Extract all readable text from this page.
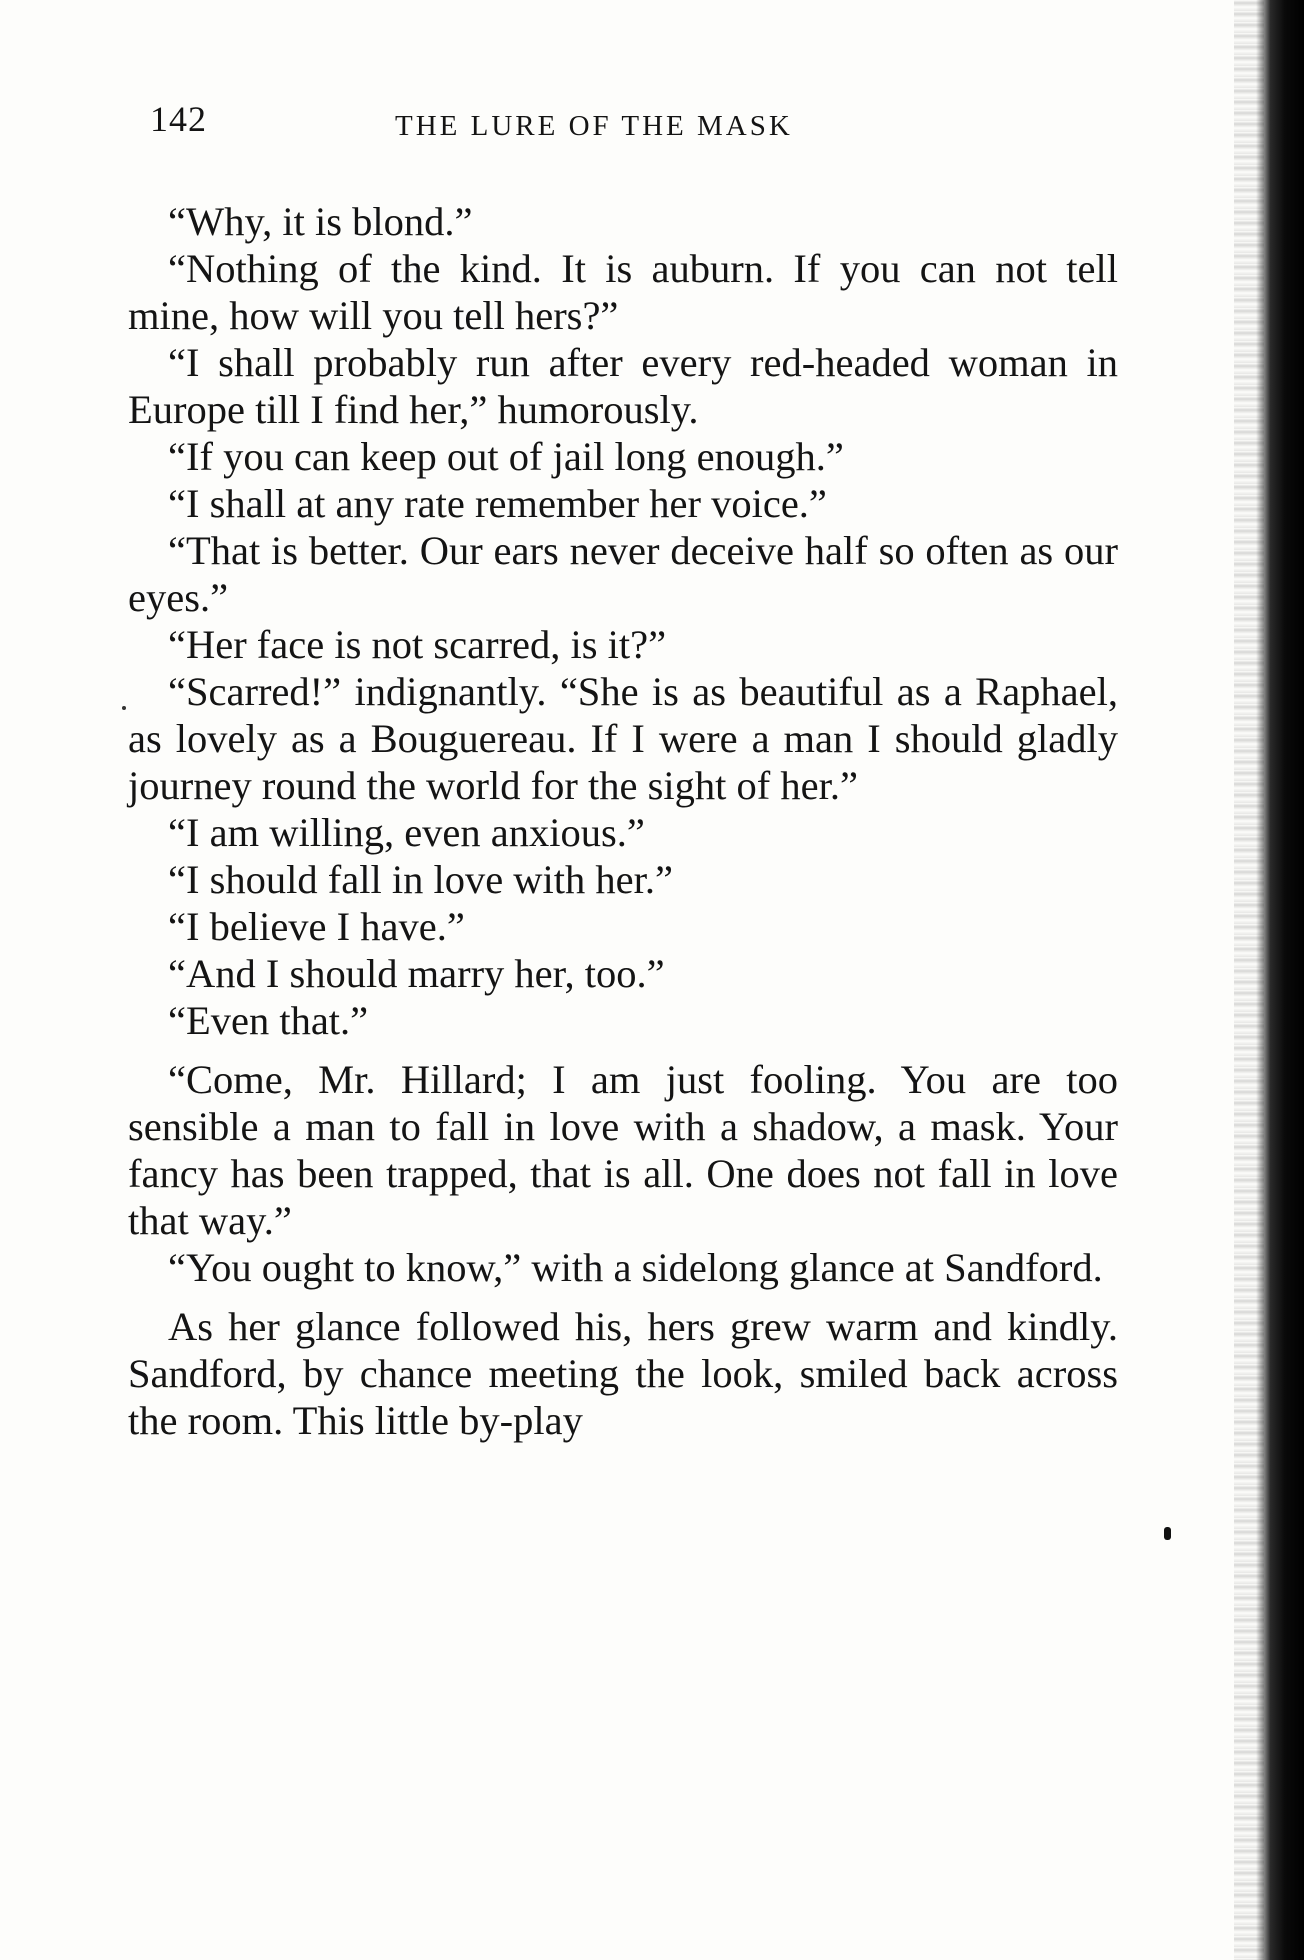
142	THE LURE OF THE MASK

“Why, it is blond.”

“Nothing of the kind. It is auburn. If you can not tell mine, how will you tell hers?”

“I shall probably run after every red-headed woman in Europe till I find her,” humorously.

“If you can keep out of jail long enough.”

“I shall at any rate remember her voice.”

“That is better. Our ears never deceive half so often as our eyes.”

“Her face is not scarred, is it?”

“Scarred!” indignantly. “She is as beautiful as a Raphael, as lovely as a Bouguereau. If I were a man I should gladly journey round the world for the sight of her.”

“I am willing, even anxious.”

“I should fall in love with her.”

“I believe I have.”

“And I should marry her, too.”

“Even that.”

“Come, Mr. Hillard; I am just fooling. You are too sensible a man to fall in love with a shadow, a mask. Your fancy has been trapped, that is all. One does not fall in love that way.”

“You ought to know,” with a sidelong glance at Sandford.

As her glance followed his, hers grew warm and kindly. Sandford, by chance meeting the look, smiled back across the room. This little by-play
